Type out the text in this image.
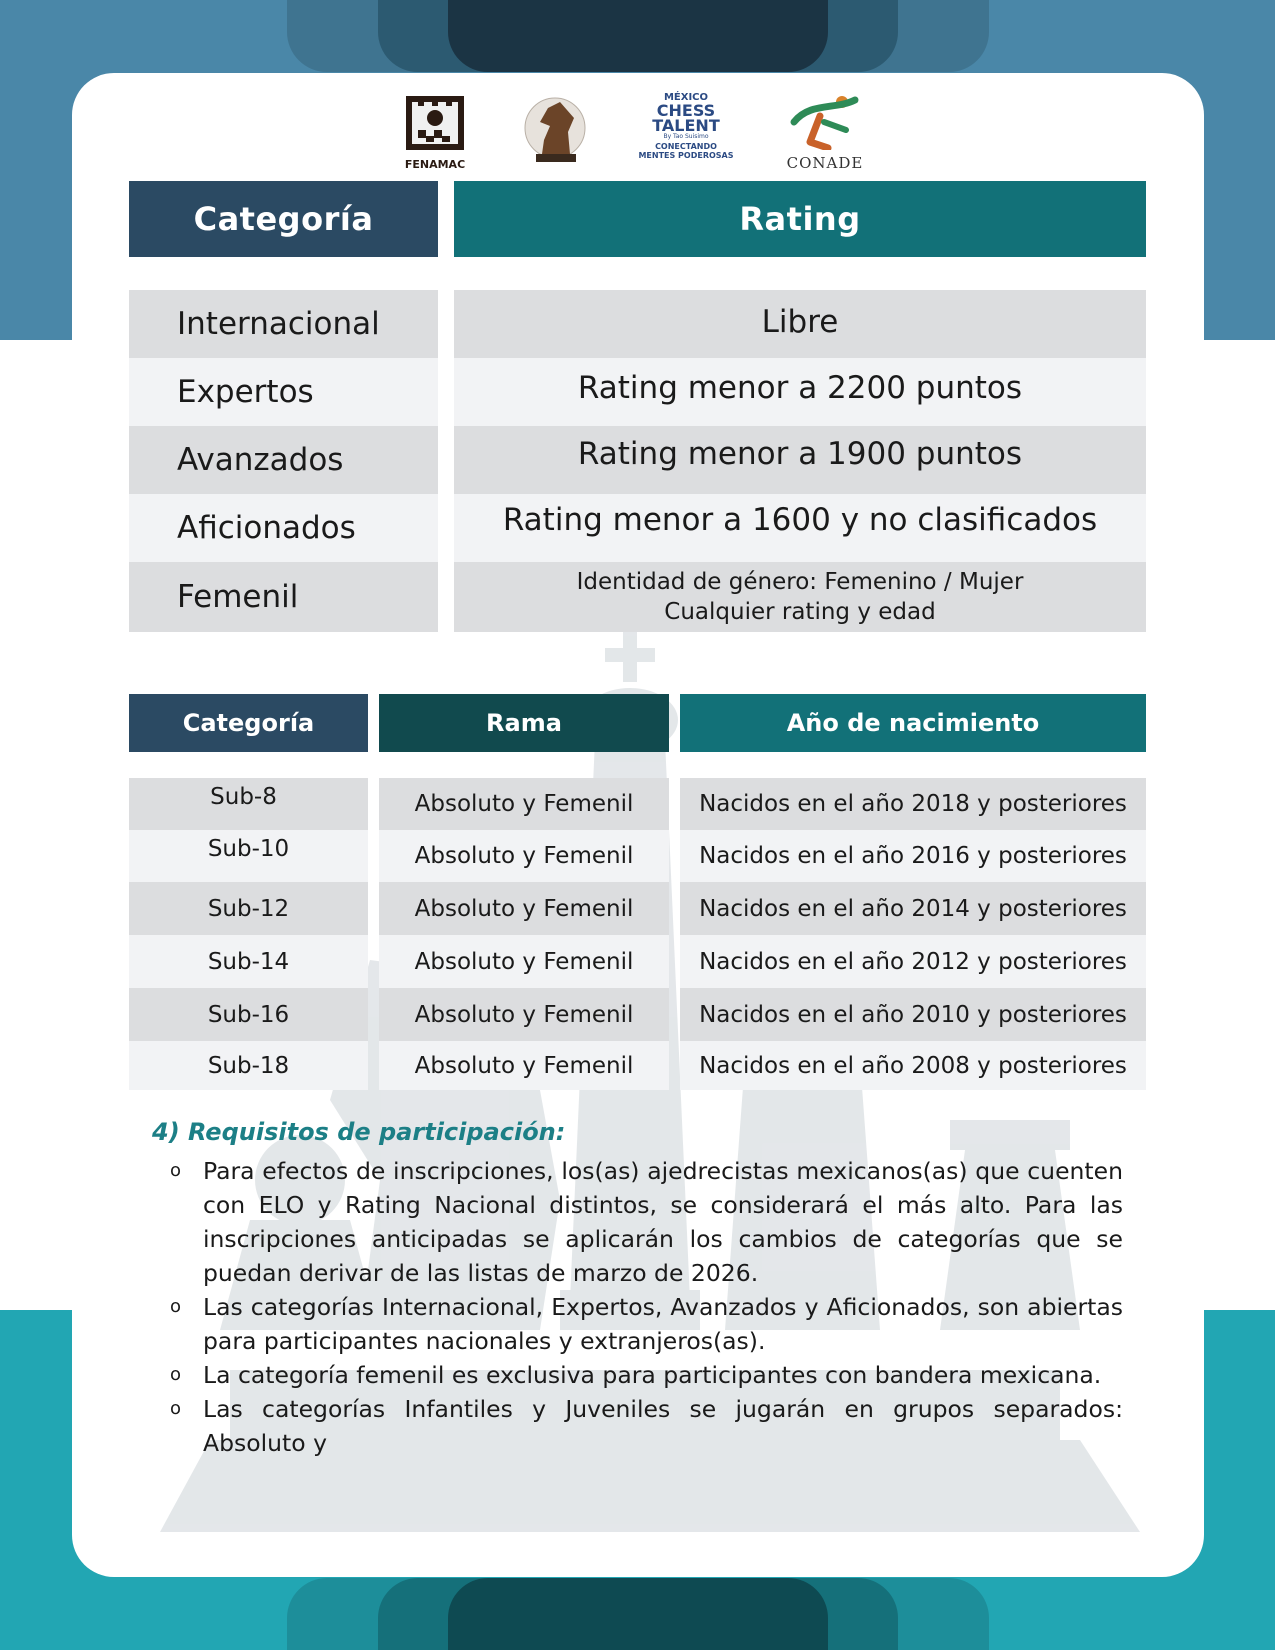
FENAMAC
MÉXICO
CHESS
TALENT
By Tao Suisimo
CONECTANDO
MENTES PODEROSAS	CONADE
Categoría	Rating
Internacional	Libre
Expertos	Rating menor a 2200 puntos
Avanzados	Rating menor a 1900 puntos
Aficionados	Rating menor a 1600 y no clasificados
Femenil	Identidad de género: Femenino / Mujer
Cualquier rating y edad
Categoría	Rama	Año de nacimiento
Sub-8	Absoluto y Femenil	Nacidos en el año 2018 y posteriores
Sub-10	Absoluto y Femenil	Nacidos en el año 2016 y posteriores
Sub-12	Absoluto y Femenil	Nacidos en el año 2014 y posteriores
Sub-14	Absoluto y Femenil	Nacidos en el año 2012 y posteriores
Sub-16	Absoluto y Femenil	Nacidos en el año 2010 y posteriores
Sub-18	Absoluto y Femenil	Nacidos en el año 2008 y posteriores
4) Requisitos de participación:
o Para efectos de inscripciones, los(as) ajedrecistas mexicanos(as) que cuenten con ELO y Rating Nacional distintos, se considerará el más alto. Para las inscripciones anticipadas se aplicarán los cambios de categorías que se puedan derivar de las listas de marzo de 2026.
o Las categorías Internacional, Expertos, Avanzados y Aficionados, son abiertas para participantes nacionales y extranjeros(as).
o La categoría femenil es exclusiva para participantes con bandera mexicana.
o Las categorías Infantiles y Juveniles se jugarán en grupos separados: Absoluto y
